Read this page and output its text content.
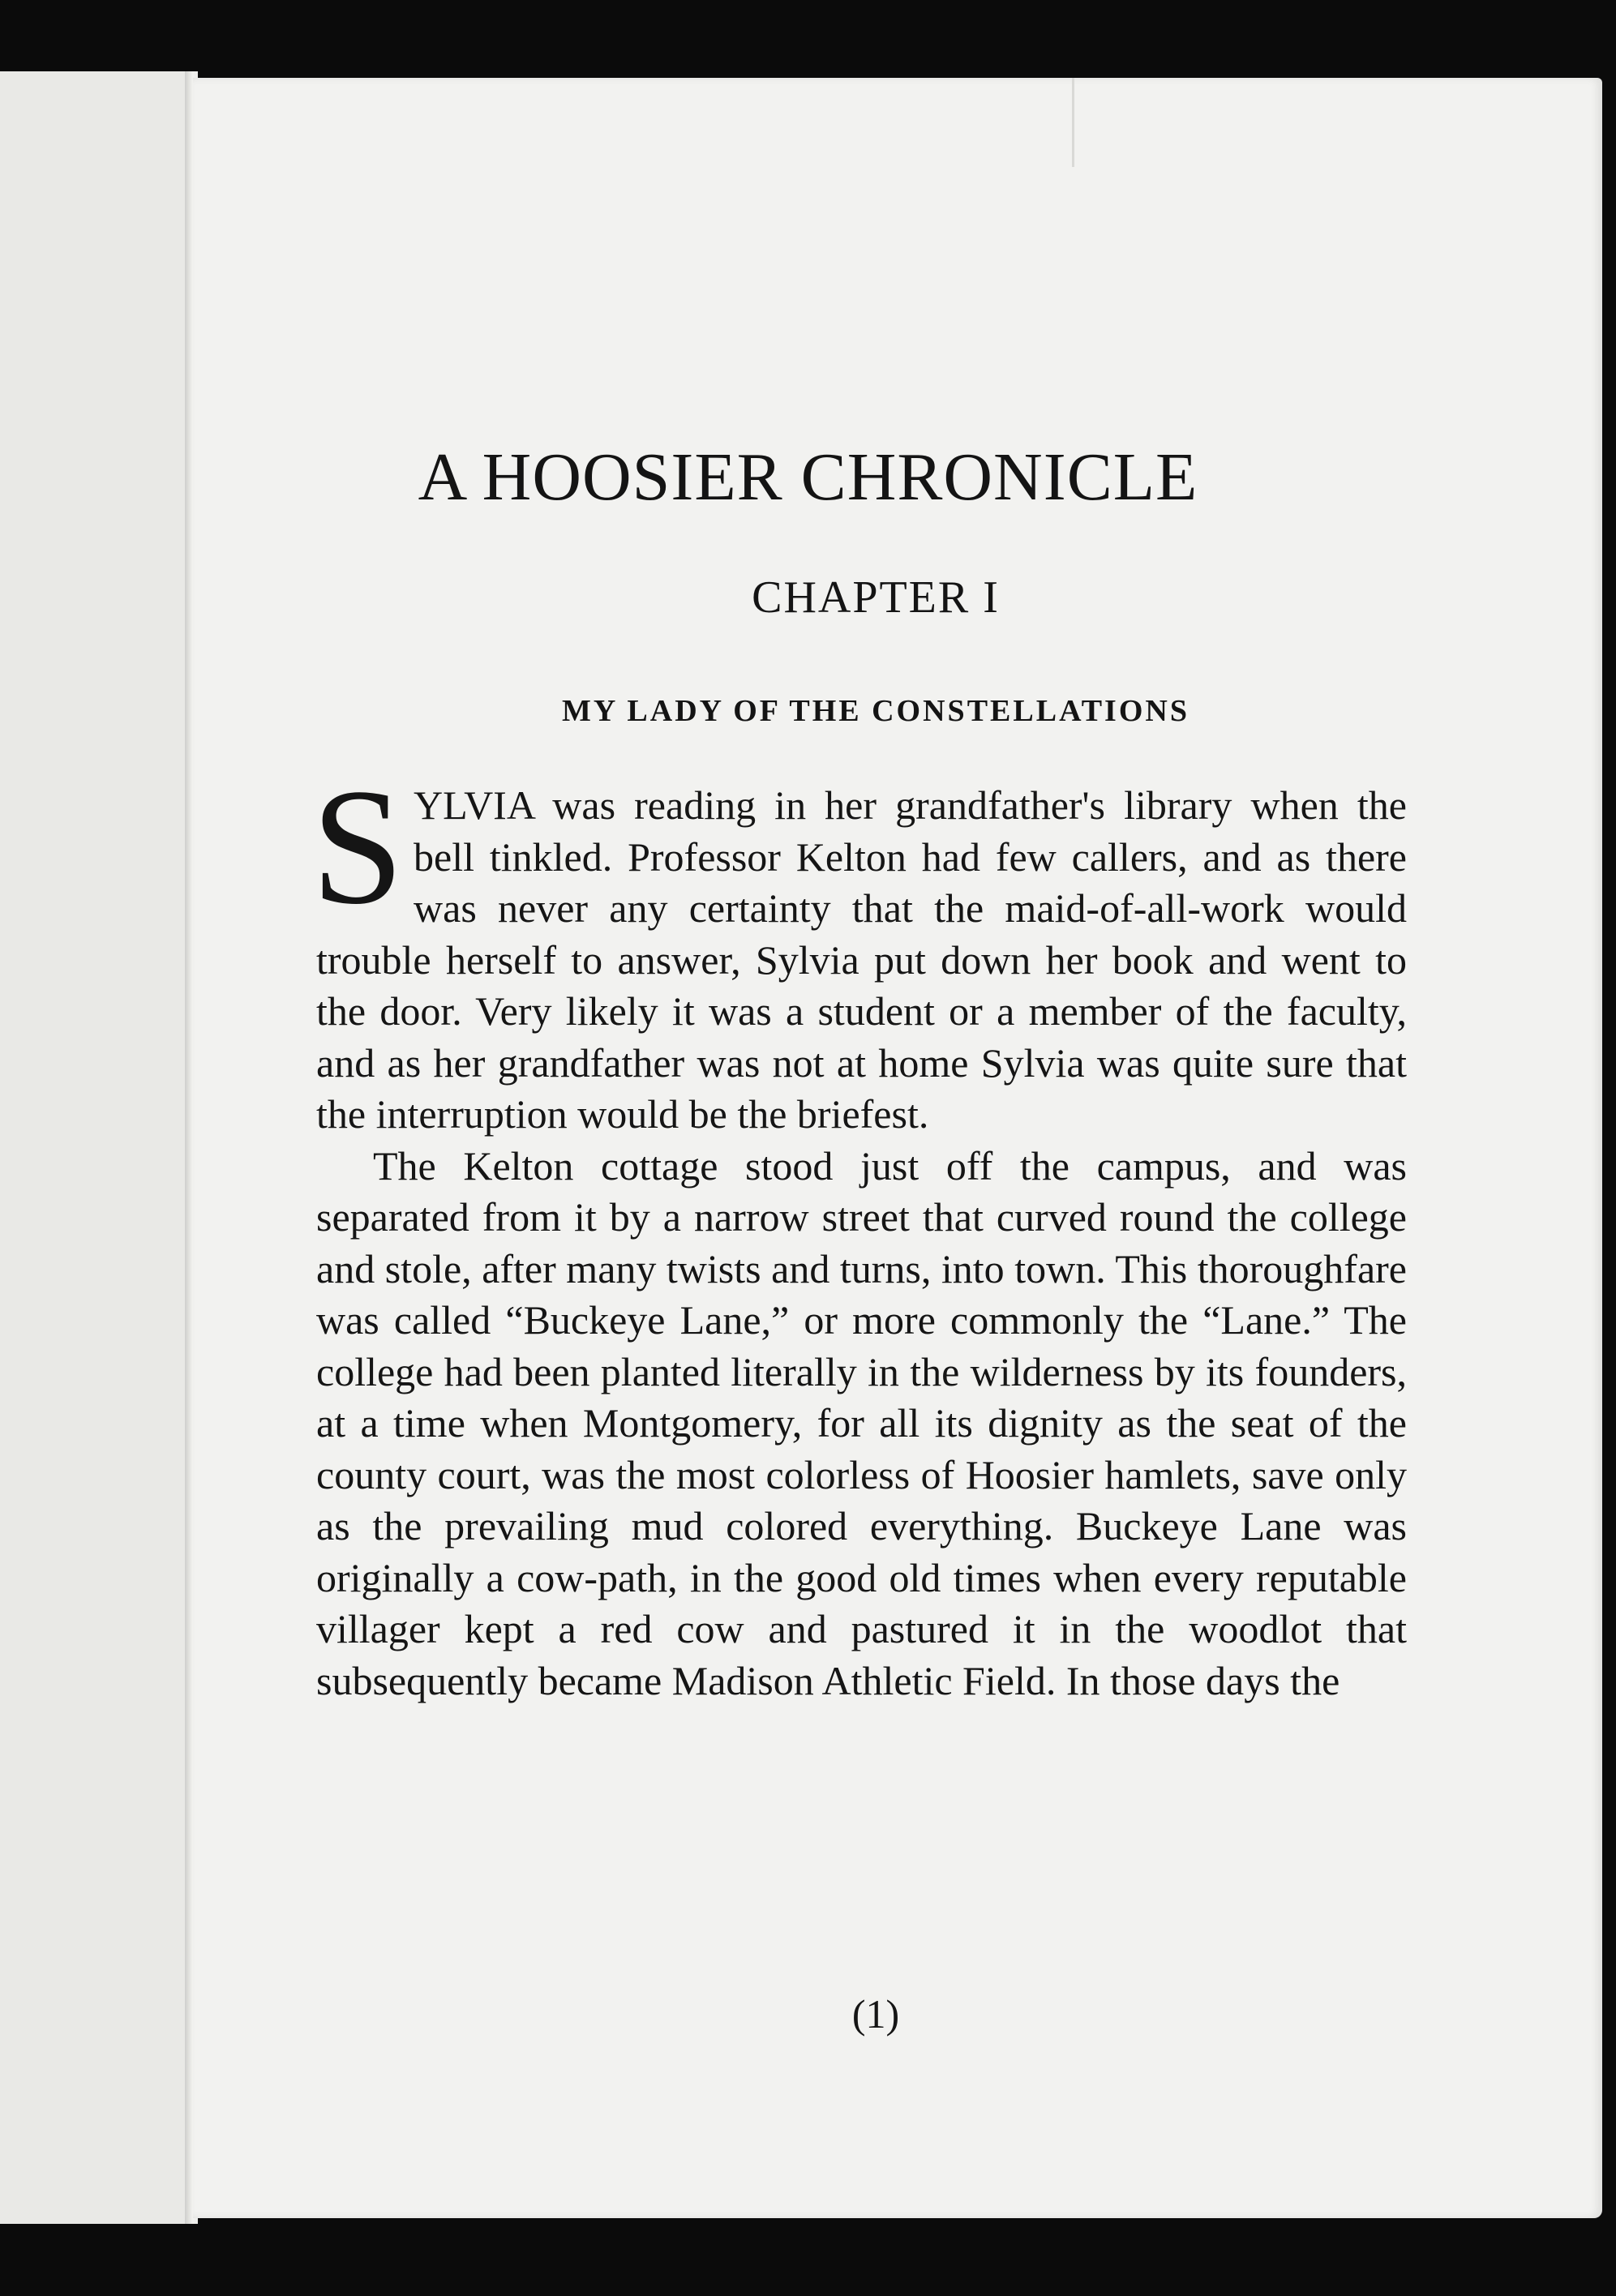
A HOOSIER CHRONICLE
CHAPTER I
MY LADY OF THE CONSTELLATIONS

SYLVIA was reading in her grandfather's library when the bell tinkled. Professor Kelton had few callers, and as there was never any certainty that the maid-of-all-work would trouble herself to answer, Sylvia put down her book and went to the door. Very likely it was a student or a member of the faculty, and as her grandfather was not at home Sylvia was quite sure that the interruption would be the briefest.

The Kelton cottage stood just off the campus, and was separated from it by a narrow street that curved round the college and stole, after many twists and turns, into town. This thoroughfare was called “Buckeye Lane,” or more commonly the “Lane.” The college had been planted literally in the wilderness by its founders, at a time when Montgomery, for all its dignity as the seat of the county court, was the most colorless of Hoosier hamlets, save only as the prevailing mud colored everything. Buckeye Lane was originally a cow-path, in the good old times when every reputable villager kept a red cow and pastured it in the woodlot that subsequently became Madison Athletic Field. In those days the

(1)
